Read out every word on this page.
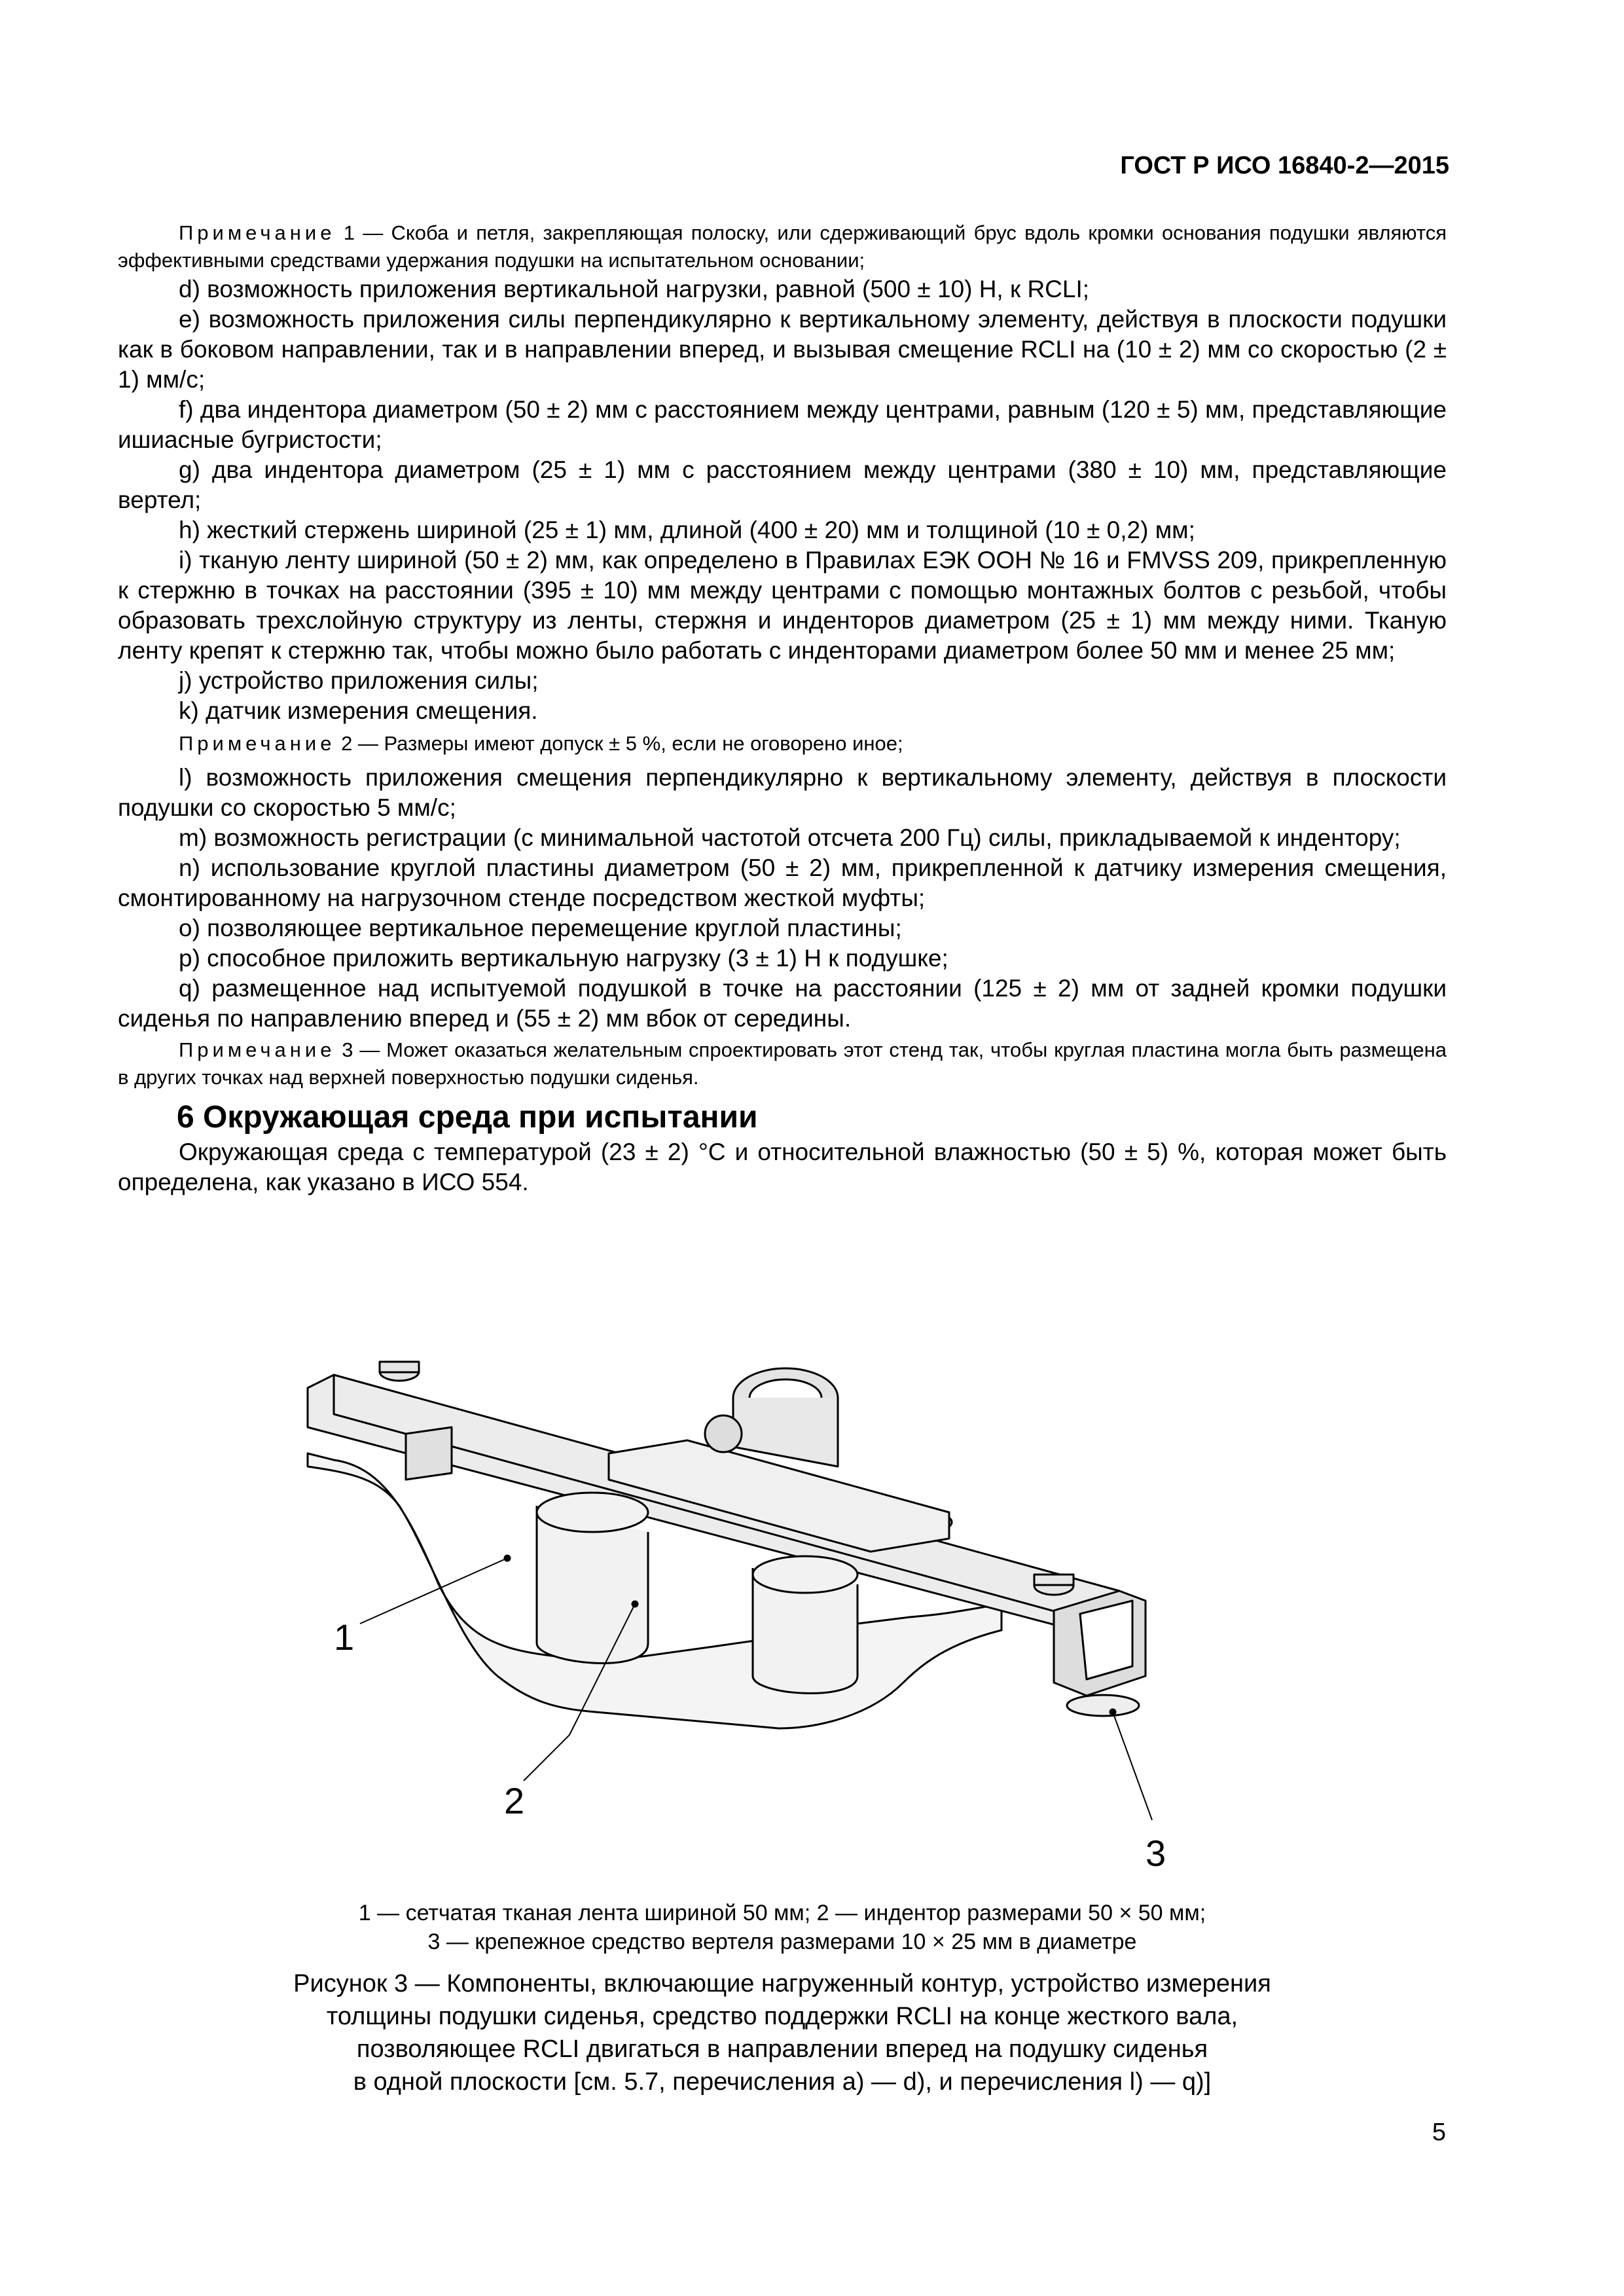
ГОСТ Р ИСО 16840-2—2015

Примечание 1 — Скоба и петля, закрепляющая полоску, или сдерживающий брус вдоль кромки основания подушки являются эффективными средствами удержания подушки на испытательном основании;

d) возможность приложения вертикальной нагрузки, равной (500 ± 10) Н, к RCLI;

e) возможность приложения силы перпендикулярно к вертикальному элементу, действуя в плоскости подушки как в боковом направлении, так и в направлении вперед, и вызывая смещение RCLI на (10 ± 2) мм со скоростью (2 ± 1) мм/с;

f) два индентора диаметром (50 ± 2) мм с расстоянием между центрами, равным (120 ± 5) мм, представляющие ишиасные бугристости;

g) два индентора диаметром (25 ± 1) мм с расстоянием между центрами (380 ± 10) мм, представляющие вертел;

h) жесткий стержень шириной (25 ± 1) мм, длиной (400 ± 20) мм и толщиной (10 ± 0,2) мм;

i) тканую ленту шириной (50 ± 2) мм, как определено в Правилах ЕЭК ООН № 16 и FMVSS 209, прикрепленную к стержню в точках на расстоянии (395 ± 10) мм между центрами с помощью монтажных болтов с резьбой, чтобы образовать трехслойную структуру из ленты, стержня и инденторов диаметром (25 ± 1) мм между ними. Тканую ленту крепят к стержню так, чтобы можно было работать с инденторами диаметром более 50 мм и менее 25 мм;

j) устройство приложения силы;

k) датчик измерения смещения.

Примечание 2 — Размеры имеют допуск ± 5 %, если не оговорено иное;

l) возможность приложения смещения перпендикулярно к вертикальному элементу, действуя в плоскости подушки со скоростью 5 мм/с;

m) возможность регистрации (с минимальной частотой отсчета 200 Гц) силы, прикладываемой к индентору;

n) использование круглой пластины диаметром (50 ± 2) мм, прикрепленной к датчику измерения смещения, смонтированному на нагрузочном стенде посредством жесткой муфты;

o) позволяющее вертикальное перемещение круглой пластины;

p) способное приложить вертикальную нагрузку (3 ± 1) Н к подушке;

q) размещенное над испытуемой подушкой в точке на расстоянии (125 ± 2) мм от задней кромки подушки сиденья по направлению вперед и (55 ± 2) мм вбок от середины.

Примечание 3 — Может оказаться желательным спроектировать этот стенд так, чтобы круглая пластина могла быть размещена в других точках над верхней поверхностью подушки сиденья.

6 Окружающая среда при испытании

Окружающая среда с температурой (23 ± 2) °С и относительной влажностью (50 ± 5) %, которая может быть определена, как указано в ИСО 554.

1
2
3
1 — сетчатая тканая лента шириной 50 мм; 2 — индентор размерами 50 × 50 мм;
3 — крепежное средство вертеля размерами 10 × 25 мм в диаметре
Рисунок 3 — Компоненты, включающие нагруженный контур, устройство измерения
толщины подушки сиденья, средство поддержки RCLI на конце жесткого вала,
позволяющее RCLI двигаться в направлении вперед на подушку сиденья
в одной плоскости [см. 5.7, перечисления а) — d), и перечисления l) — q)]
5
